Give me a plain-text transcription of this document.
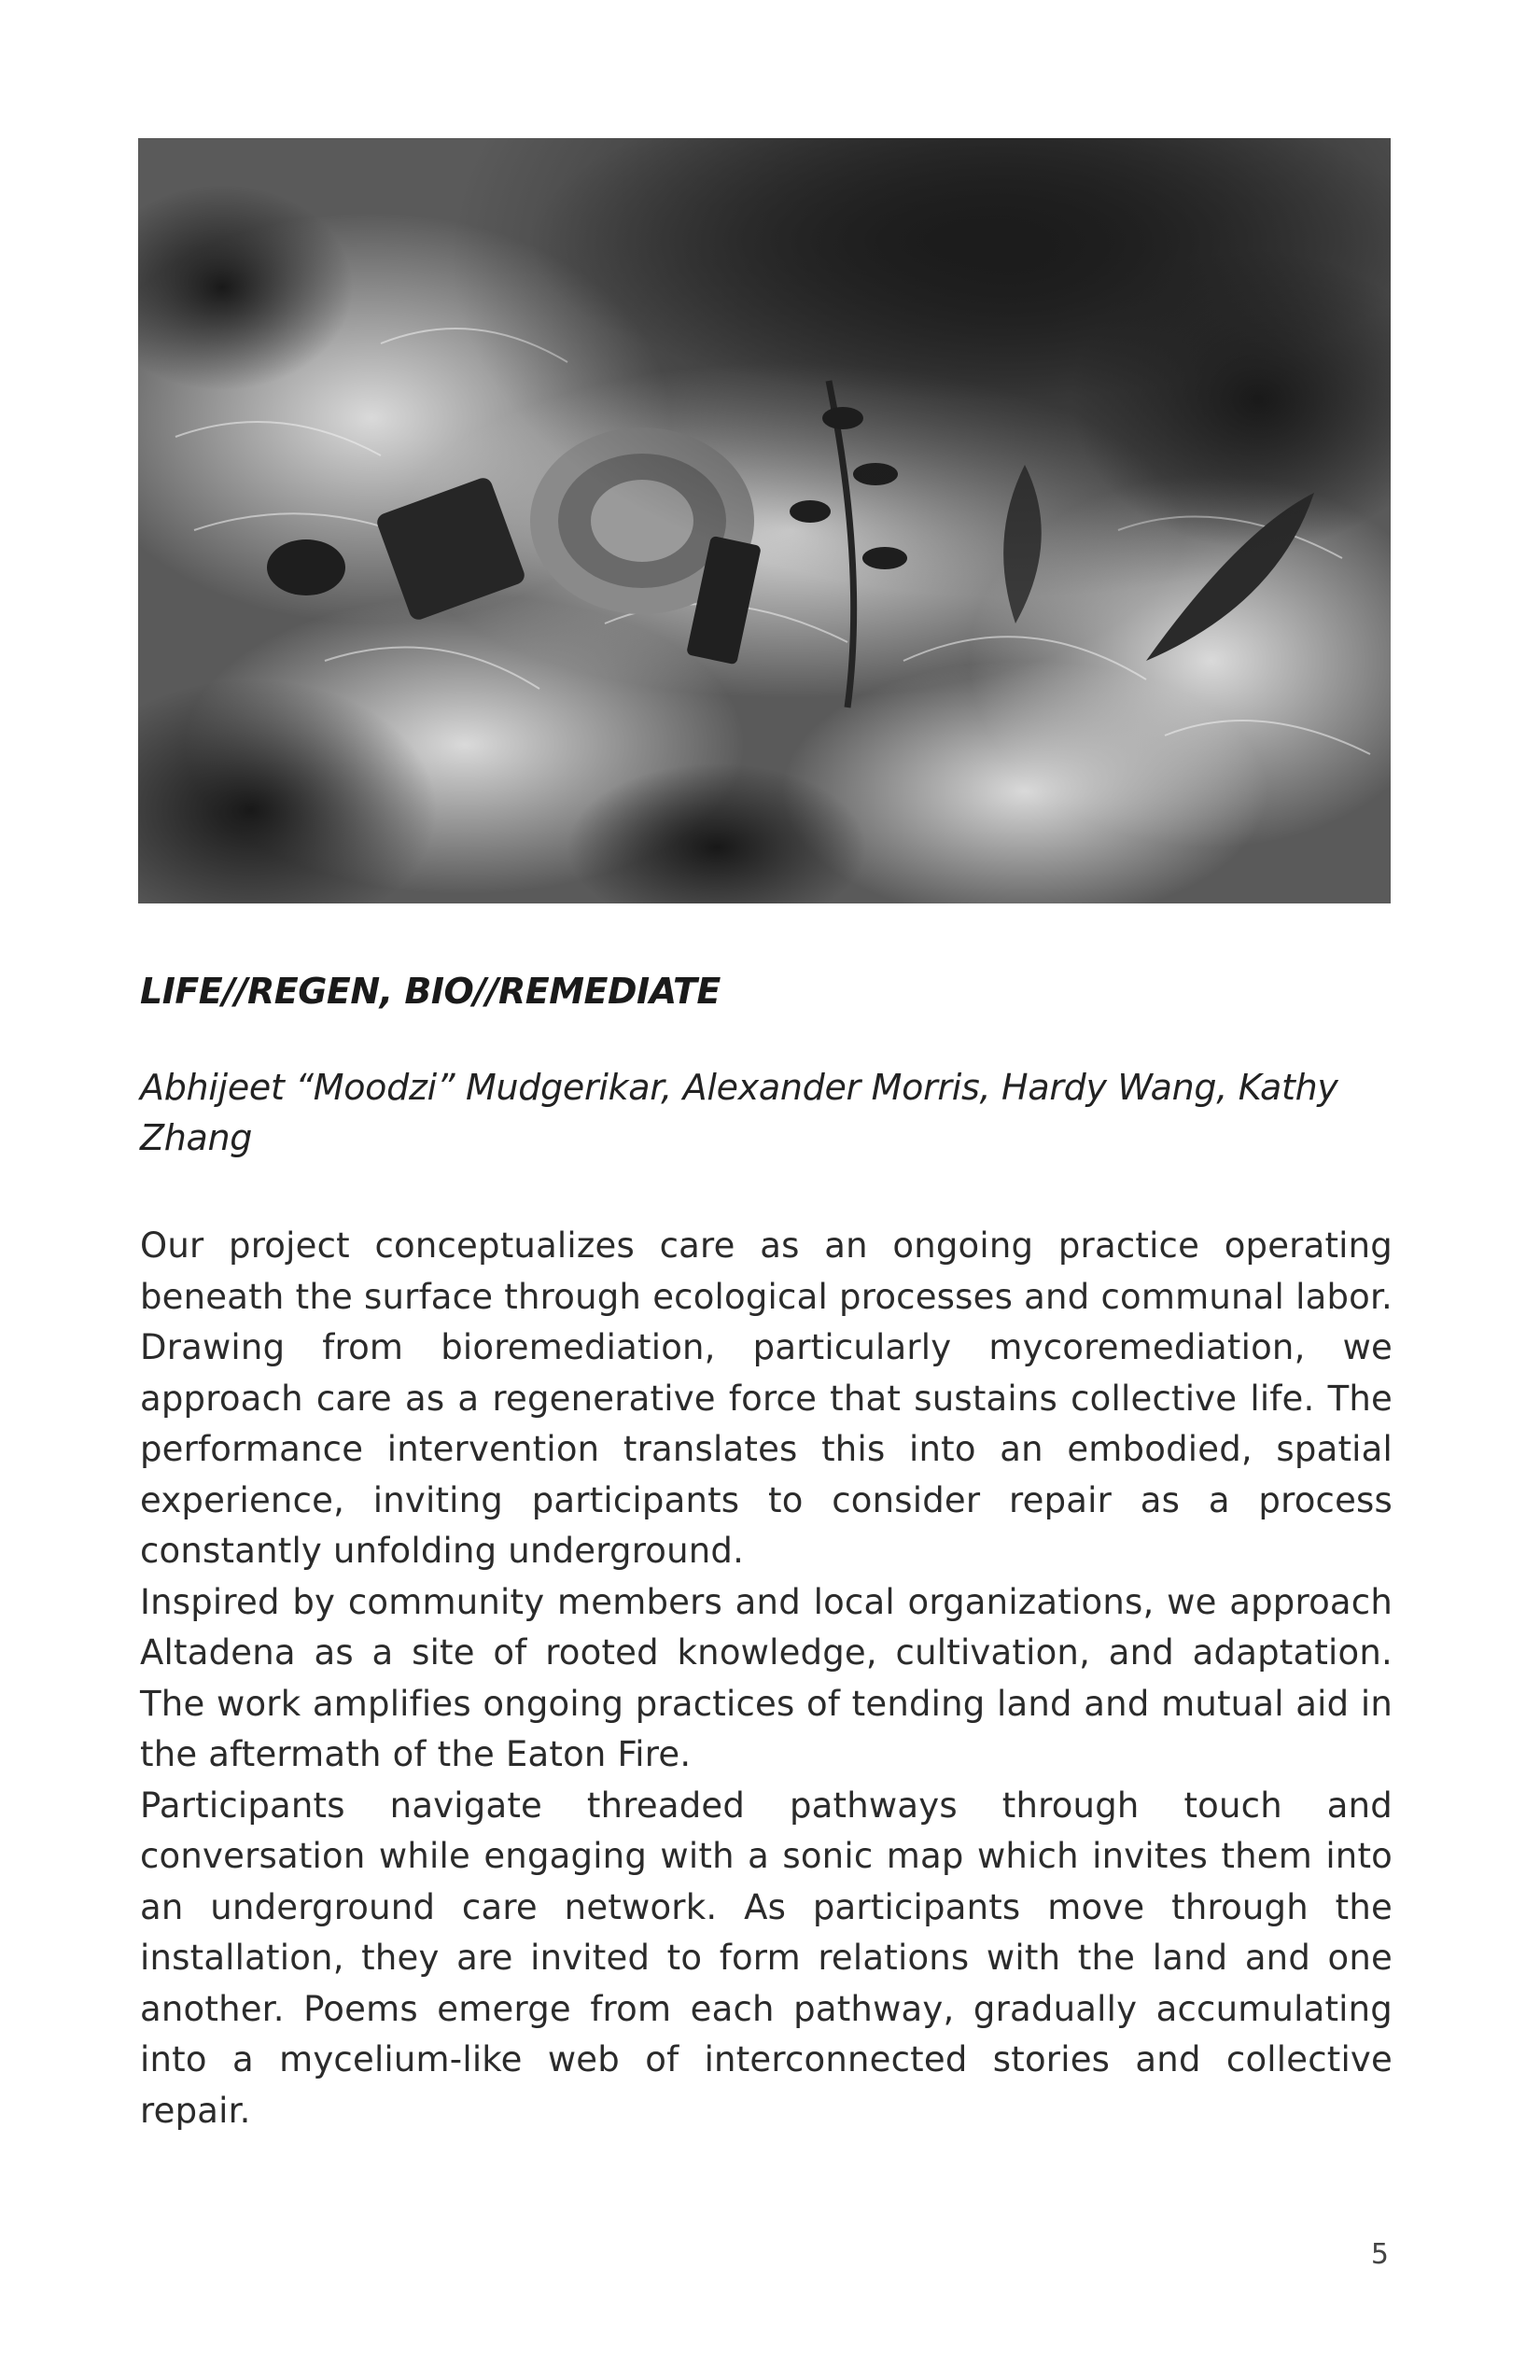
LIFE//REGEN, BIO//REMEDIATE

Abhijeet “Moodzi” Mudgerikar, Alexander Morris, Hardy Wang, Kathy Zhang

Our project conceptualizes care as an ongoing practice operating beneath the surface through ecological processes and communal labor. Drawing from bioremediation, particularly mycoremediation, we approach care as a regenerative force that sustains collective life. The performance intervention translates this into an embodied, spatial experience, inviting participants to consider repair as a process constantly unfolding underground.

Inspired by community members and local organizations, we approach Altadena as a site of rooted knowledge, cultivation, and adaptation. The work amplifies ongoing practices of tending land and mutual aid in the aftermath of the Eaton Fire.

Participants navigate threaded pathways through touch and conversation while engaging with a sonic map which invites them into an underground care network. As participants move through the installation, they are invited to form relations with the land and one another. Poems emerge from each pathway, gradually accumulating into a mycelium-like web of interconnected stories and collective repair.

5
